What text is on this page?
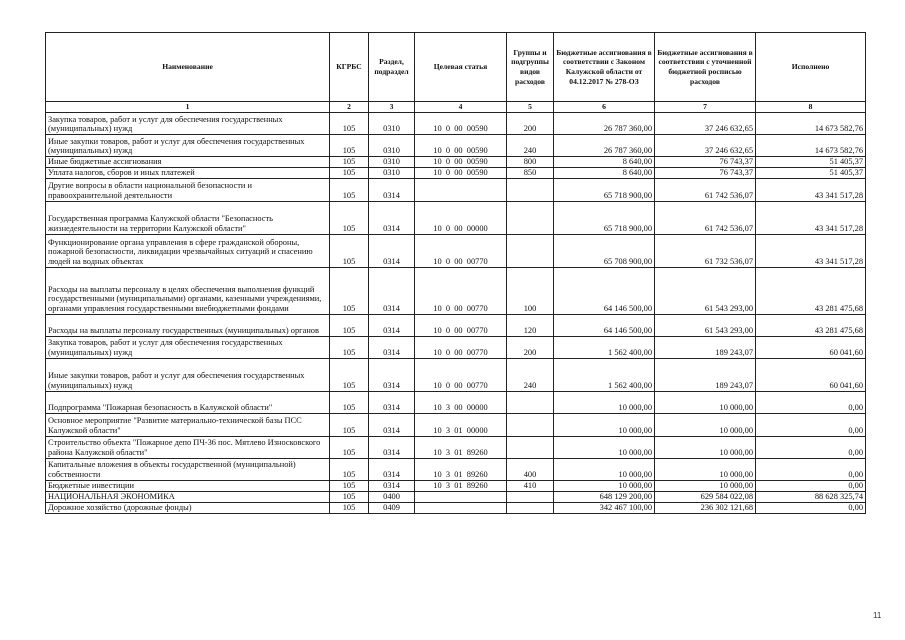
Наименование	КГРБС	Раздел, подраздел	Целевая статья	Группы и подгруппы видов расходов	Бюджетные ассигнования в соответствии с Законом Калужской области от 04.12.2017 № 278-ОЗ	Бюджетные ассигнования в соответствии с уточненной бюджетной росписью расходов	Исполнено
1	2	3	4	5	6	7	8
Закупка товаров, работ и услуг для обеспечения государственных (муниципальных) нужд	105	0310	10  0  00  00590	200	26 787 360,00	37 246 632,65	14 673 582,76
Иные закупки товаров, работ и услуг для обеспечения государственных (муниципальных) нужд	105	0310	10  0  00  00590	240	26 787 360,00	37 246 632,65	14 673 582,76
Иные бюджетные ассигнования	105	0310	10  0  00  00590	800	8 640,00	76 743,37	51 405,37
Уплата налогов, сборов и иных платежей	105	0310	10  0  00  00590	850	8 640,00	76 743,37	51 405,37
Другие вопросы в области национальной безопасности и правоохранительной деятельности	105	0314			65 718 900,00	61 742 536,07	43 341 517,28
Государственная программа Калужской области "Безопасность жизнедеятельности на территории Калужской области"	105	0314	10  0  00  00000		65 718 900,00	61 742 536,07	43 341 517,28
Функционирование органа управления в сфере гражданской обороны, пожарной безопасности, ликвидации чрезвычайных ситуаций и спасению людей на водных объектах	105	0314	10  0  00  00770		65 708 900,00	61 732 536,07	43 341 517,28
Расходы на выплаты персоналу в целях обеспечения выполнения функций государственными (муниципальными) органами, казенными учреждениями, органами управления государственными внебюджетными фондами	105	0314	10  0  00  00770	100	64 146 500,00	61 543 293,00	43 281 475,68
Расходы на выплаты персоналу государственных (муниципальных) органов	105	0314	10  0  00  00770	120	64 146 500,00	61 543 293,00	43 281 475,68
Закупка товаров, работ и услуг для обеспечения государственных (муниципальных) нужд	105	0314	10  0  00  00770	200	1 562 400,00	189 243,07	60 041,60
Иные закупки товаров, работ и услуг для обеспечения государственных (муниципальных) нужд	105	0314	10  0  00  00770	240	1 562 400,00	189 243,07	60 041,60
Подпрограмма "Пожарная безопасность в Калужской области"	105	0314	10  3  00  00000		10 000,00	10 000,00	0,00
Основное мероприятие "Развитие материально-технической базы ПСС Калужской области"	105	0314	10  3  01  00000		10 000,00	10 000,00	0,00
Строительство объекта "Пожарное депо ПЧ-36 пос. Мятлево Износковского района Калужской области"	105	0314	10  3  01  89260		10 000,00	10 000,00	0,00
Капитальные вложения в объекты государственной (муниципальной) собственности	105	0314	10  3  01  89260	400	10 000,00	10 000,00	0,00
Бюджетные инвестиции	105	0314	10  3  01  89260	410	10 000,00	10 000,00	0,00
НАЦИОНАЛЬНАЯ ЭКОНОМИКА	105	0400			648 129 200,00	629 584 022,08	88 628 325,74
Дорожное хозяйство (дорожные фонды)	105	0409			342 467 100,00	236 302 121,68	0,00
11
